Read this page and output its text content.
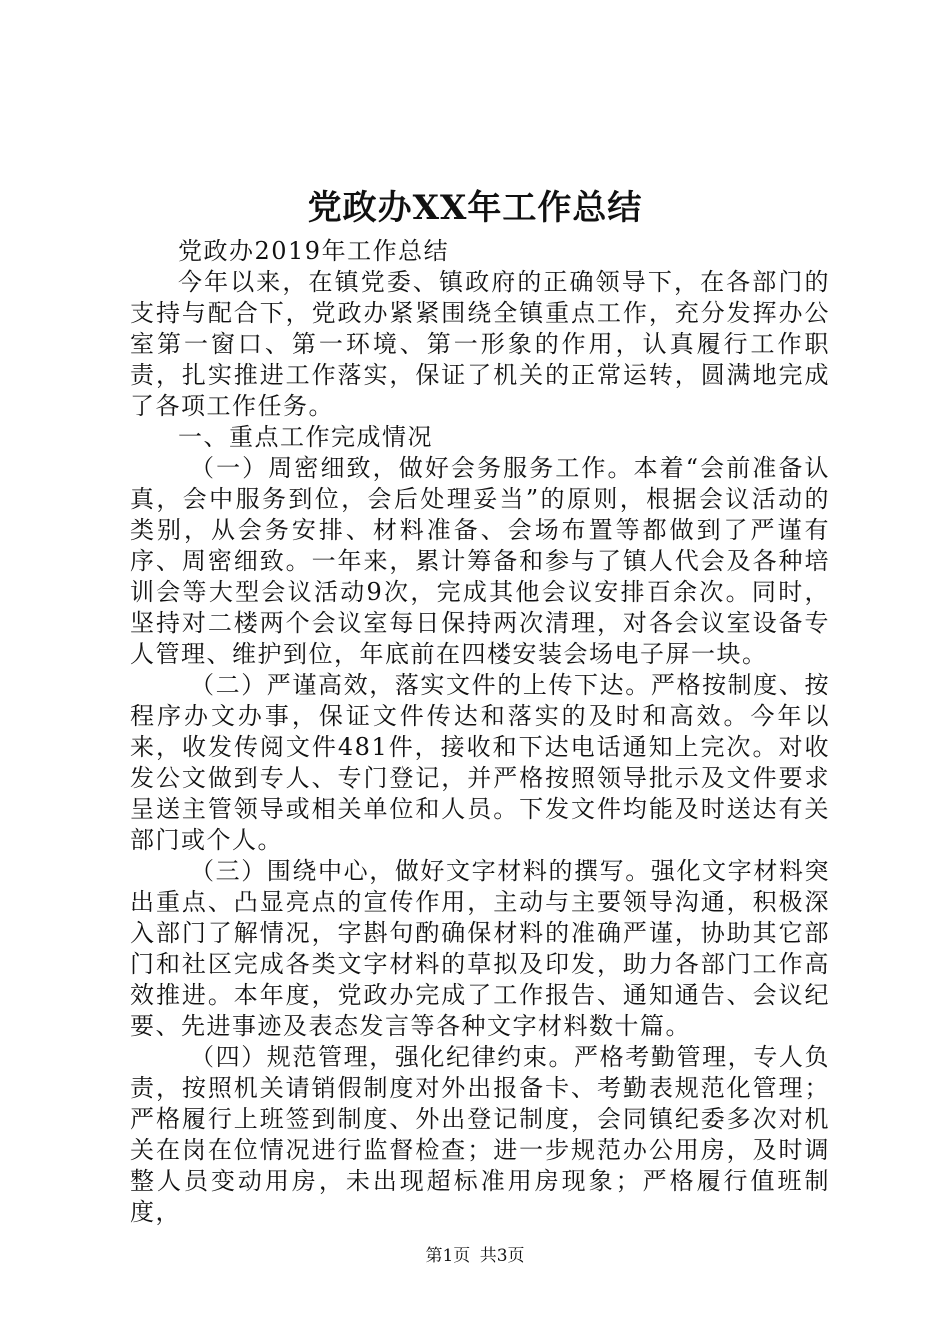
党政办XX年工作总结

党政办2019年工作总结

今年以来，在镇党委、镇政府的正确领导下，在各部门的支持与配合下，党政办紧紧围绕全镇重点工作，充分发挥办公室第一窗口、第一环境、第一形象的作用，认真履行工作职责，扎实推进工作落实，保证了机关的正常运转，圆满地完成了各项工作任务。

一、重点工作完成情况

（一）周密细致，做好会务服务工作。本着“会前准备认真，会中服务到位，会后处理妥当”的原则，根据会议活动的类别，从会务安排、材料准备、会场布置等都做到了严谨有序、周密细致。一年来，累计筹备和参与了镇人代会及各种培训会等大型会议活动9次，完成其他会议安排百余次。同时，坚持对二楼两个会议室每日保持两次清理，对各会议室设备专人管理、维护到位，年底前在四楼安装会场电子屏一块。

（二）严谨高效，落实文件的上传下达。严格按制度、按程序办文办事，保证文件传达和落实的及时和高效。今年以来，收发传阅文件481件，接收和下达电话通知上完次。对收发公文做到专人、专门登记，并严格按照领导批示及文件要求呈送主管领导或相关单位和人员。下发文件均能及时送达有关部门或个人。

（三）围绕中心，做好文字材料的撰写。强化文字材料突出重点、凸显亮点的宣传作用，主动与主要领导沟通，积极深入部门了解情况，字斟句酌确保材料的准确严谨，协助其它部门和社区完成各类文字材料的草拟及印发，助力各部门工作高效推进。本年度，党政办完成了工作报告、通知通告、会议纪要、先进事迹及表态发言等各种文字材料数十篇。

（四）规范管理，强化纪律约束。严格考勤管理，专人负责，按照机关请销假制度对外出报备卡、考勤表规范化管理；严格履行上班签到制度、外出登记制度，会同镇纪委多次对机关在岗在位情况进行监督检查；进一步规范办公用房，及时调整人员变动用房，未出现超标准用房现象；严格履行值班制度，

第1页 共3页
